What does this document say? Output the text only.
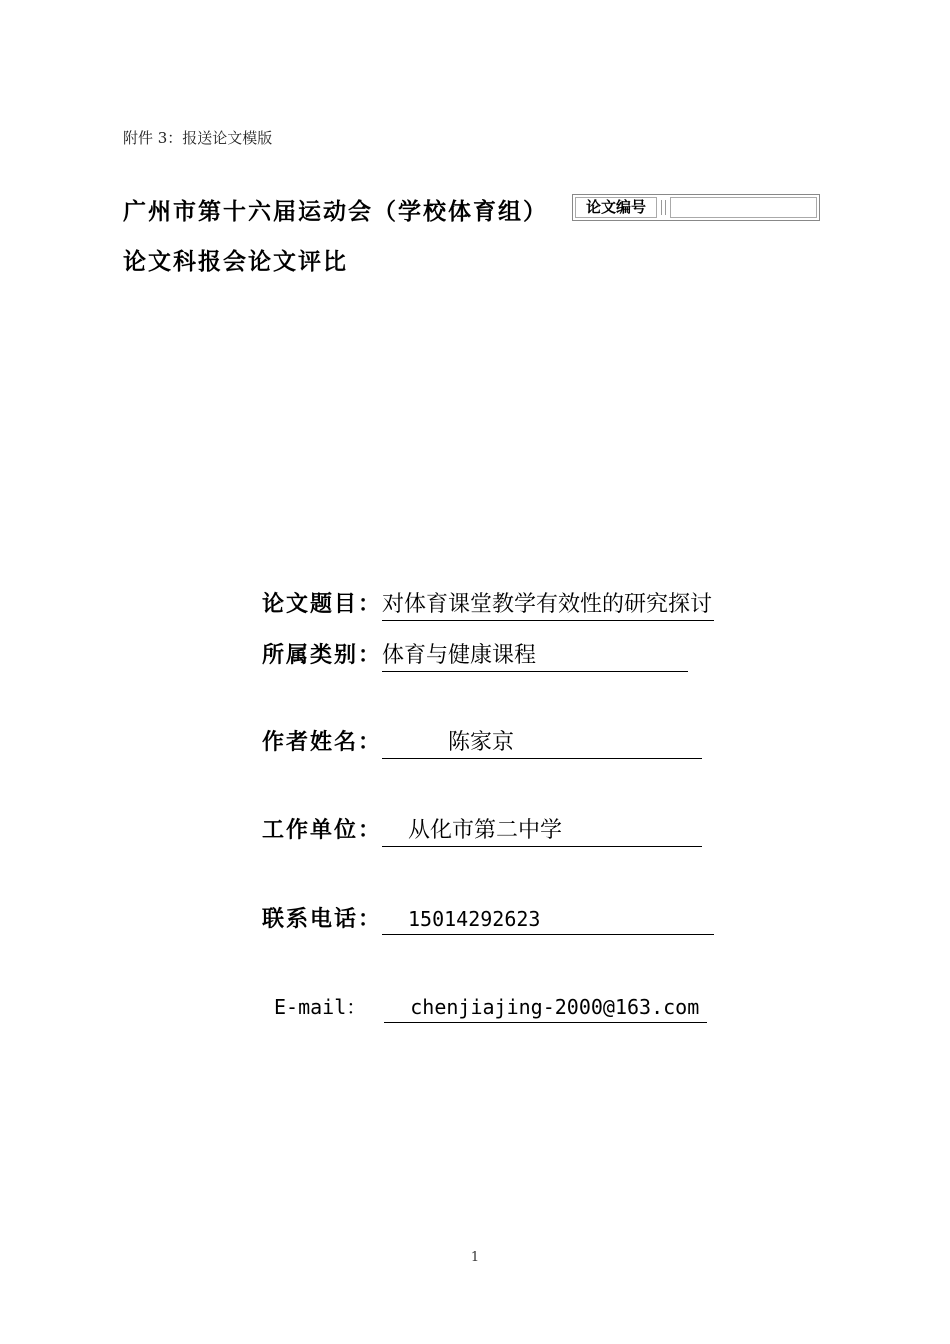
附件 3：报送论文模版
广州市第十六届运动会（学校体育组）
论文科报会论文评比
论文编号
论文题目：对体育课堂教学有效性的研究探讨
所属类别：体育与健康课程
作者姓名：	陈家京
工作单位： 从化市第二中学
联系电话： 15014292623
E-mail： chenjiajing-2000@163.com
1
